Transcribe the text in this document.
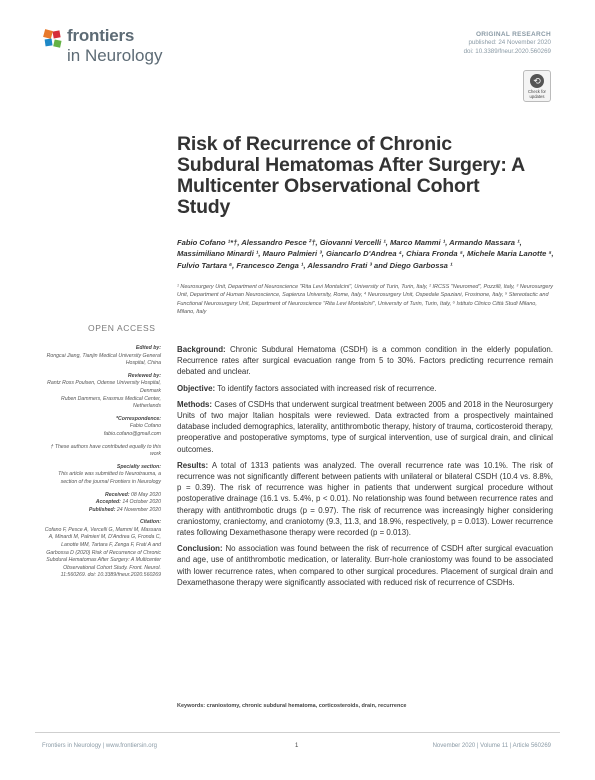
frontiers
in Neurology
ORIGINAL RESEARCH
published: 24 November 2020
doi: 10.3389/fneur.2020.560269
⟲
Check for
updates
Risk of Recurrence of Chronic Subdural Hematomas After Surgery: A Multicenter Observational Cohort Study
Fabio Cofano ¹*†, Alessandro Pesce ²†, Giovanni Vercelli ¹, Marco Mammi ¹, Armando Massara ¹, Massimiliano Minardi ¹, Mauro Palmieri ³, Giancarlo D'Andrea ⁴, Chiara Fronda ⁵, Michele Maria Lanotte ⁵, Fulvio Tartara ⁶, Francesco Zenga ¹, Alessandro Frati ³ and Diego Garbossa ¹
¹ Neurosurgery Unit, Department of Neuroscience "Rita Levi Montalcini", University of Turin, Turin, Italy, ² IRCSS "Neuromed", Pozzilli, Italy, ³ Neurosurgery Unit, Department of Human Neuroscience, Sapienza University, Rome, Italy, ⁴ Neurosurgery Unit, Ospedale Spaziani, Frosinone, Italy, ⁵ Stereotactic and Functional Neurosurgery Unit, Department of Neuroscience "Rita Levi Montalcini", University of Turin, Turin, Italy, ⁶ Istituto Clinico Città Studi Milano, Milano, Italy
OPEN ACCESS
Edited by:
Rongcai Jiang, Tianjin Medical University General Hospital, China
Reviewed by:
Rantz Ross Poulsen, Odense University Hospital, Denmark
Ruben Dammers, Erasmus Medical Center, Netherlands
*Correspondence:
Fabio Cofano
fabio.cofano@gmail.com
† These authors have contributed equally to this work
Specialty section:
This article was submitted to Neurotrauma, a section of the journal Frontiers in Neurology
Received: 08 May 2020
Accepted: 14 October 2020
Published: 24 November 2020
Citation:
Cofano F, Pesce A, Vercelli G, Mammi M, Massara A, Minardi M, Palmieri M, D'Andrea G, Fronda C, Lanotte MM, Tartara F, Zenga F, Frati A and Garbossa D (2020) Risk of Recurrence of Chronic Subdural Hematomas After Surgery: A Multicenter Observational Cohort Study. Front. Neurol. 11:560269. doi: 10.3389/fneur.2020.560269

Background: Chronic Subdural Hematoma (CSDH) is a common condition in the elderly population. Recurrence rates after surgical evacuation range from 5 to 30%. Factors predicting recurrence remain debated and unclear.

Objective: To identify factors associated with increased risk of recurrence.

Methods: Cases of CSDHs that underwent surgical treatment between 2005 and 2018 in the Neurosurgery Units of two major Italian hospitals were reviewed. Data extracted from a prospectively maintained database included demographics, laterality, antithrombotic therapy, history of trauma, corticosteroid therapy, preoperative and postoperative symptoms, type of surgical intervention, use of surgical drain, and clinical outcomes.

Results: A total of 1313 patients was analyzed. The overall recurrence rate was 10.1%. The risk of recurrence was not significantly different between patients with unilateral or bilateral CSDH (10.4 vs. 8.8%, p = 0.39). The risk of recurrence was higher in patients that underwent surgical procedure without postoperative drainage (16.1 vs. 5.4%, p < 0.01). No relationship was found between recurrence rates and therapy with antithrombotic drugs (p = 0.97). The risk of recurrence was increasingly higher considering craniostomy, craniectomy, and craniotomy (9.3, 11.3, and 18.9%, respectively, p = 0.013). Lower recurrence rates following Dexamethasone therapy were recorded (p = 0.013).

Conclusion: No association was found between the risk of recurrence of CSDH after surgical evacuation and age, use of antithrombotic medication, or laterality. Burr-hole craniostomy was found to be associated with lower recurrence rates, when compared to other surgical procedures. Placement of surgical drain and Dexamethasone therapy were significantly associated with reduced risk of recurrence of CSDHs.

Keywords: craniostomy, chronic subdural hematoma, corticosteroids, drain, recurrence
Frontiers in Neurology | www.frontiersin.org	1	November 2020 | Volume 11 | Article 560269
